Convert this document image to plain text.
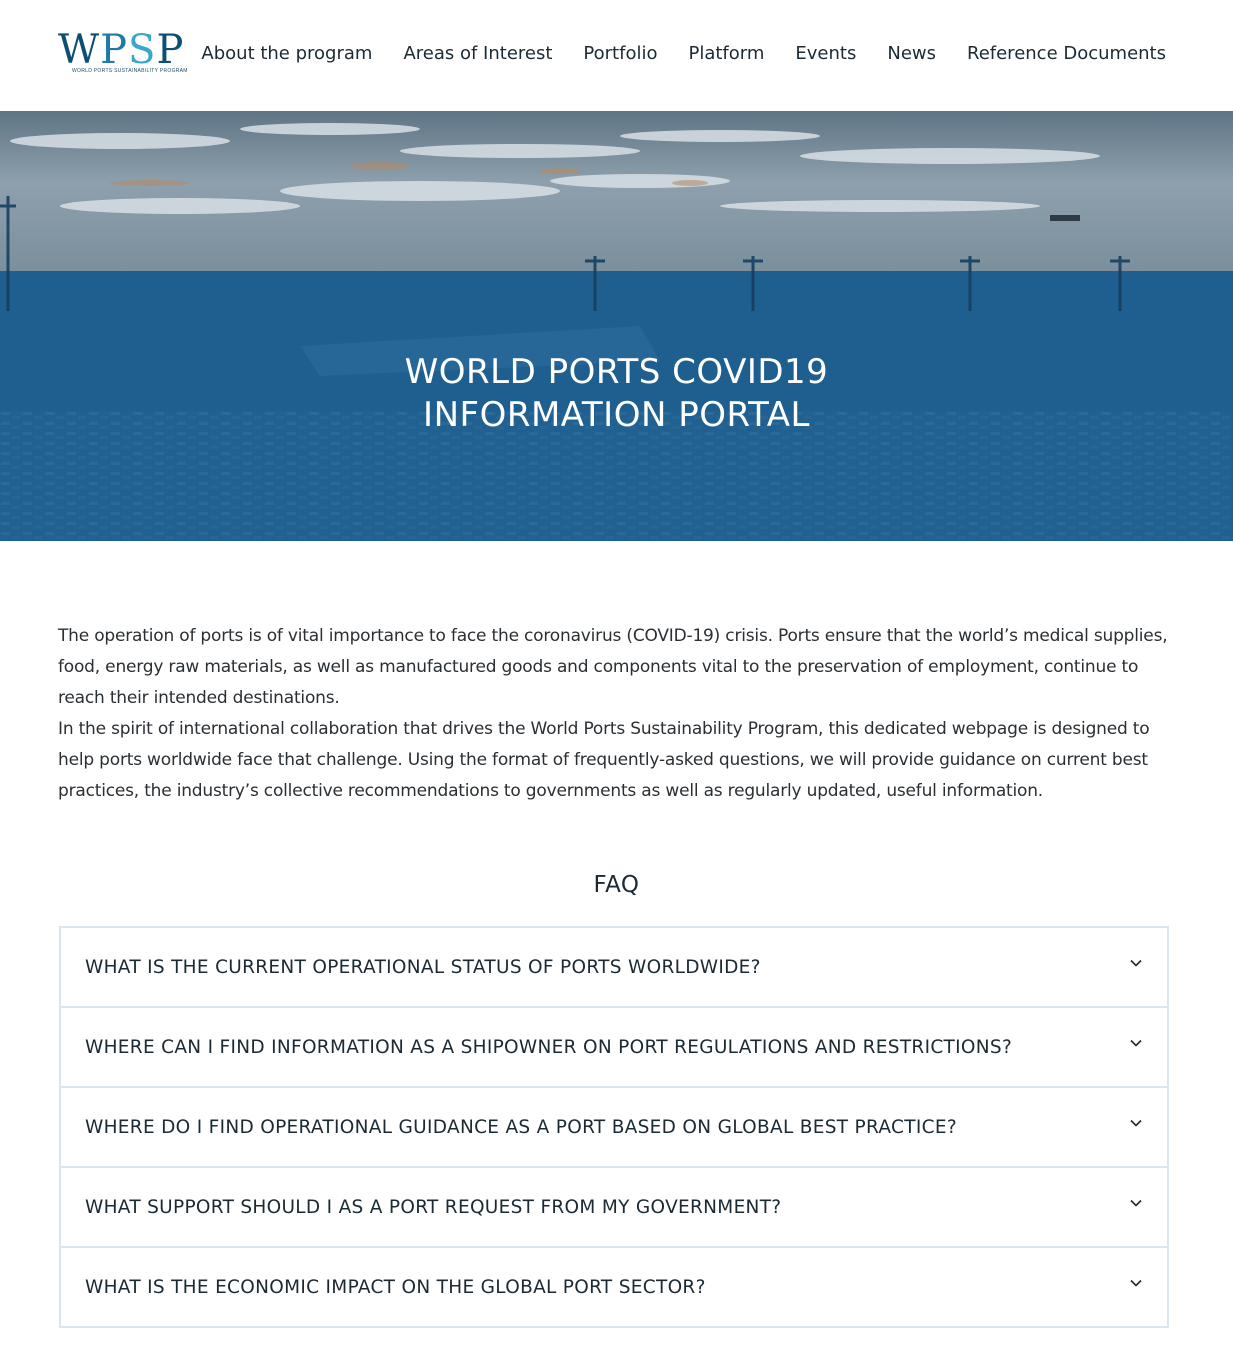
WPSP
WORLD PORTS SUSTAINABILITY PROGRAM
About the program Areas of Interest Portfolio Platform Events News Reference Documents
WORLD PORTS COVID19
INFORMATION PORTAL

The operation of ports is of vital importance to face the coronavirus (COVID-19) crisis. Ports ensure that the world’s medical supplies, food, energy raw materials, as well as manufactured goods and components vital to the preservation of employment, continue to reach their intended destinations.

In the spirit of international collaboration that drives the World Ports Sustainability Program, this dedicated webpage is designed to help ports worldwide face that challenge. Using the format of frequently-asked questions, we will provide guidance on current best practices, the industry’s collective recommendations to governments as well as regularly updated, useful information.

FAQ
WHAT IS THE CURRENT OPERATIONAL STATUS OF PORTS WORLDWIDE?
WHERE CAN I FIND INFORMATION AS A SHIPOWNER ON PORT REGULATIONS AND RESTRICTIONS?
WHERE DO I FIND OPERATIONAL GUIDANCE AS A PORT BASED ON GLOBAL BEST PRACTICE?
WHAT SUPPORT SHOULD I AS A PORT REQUEST FROM MY GOVERNMENT?
WHAT IS THE ECONOMIC IMPACT ON THE GLOBAL PORT SECTOR?
